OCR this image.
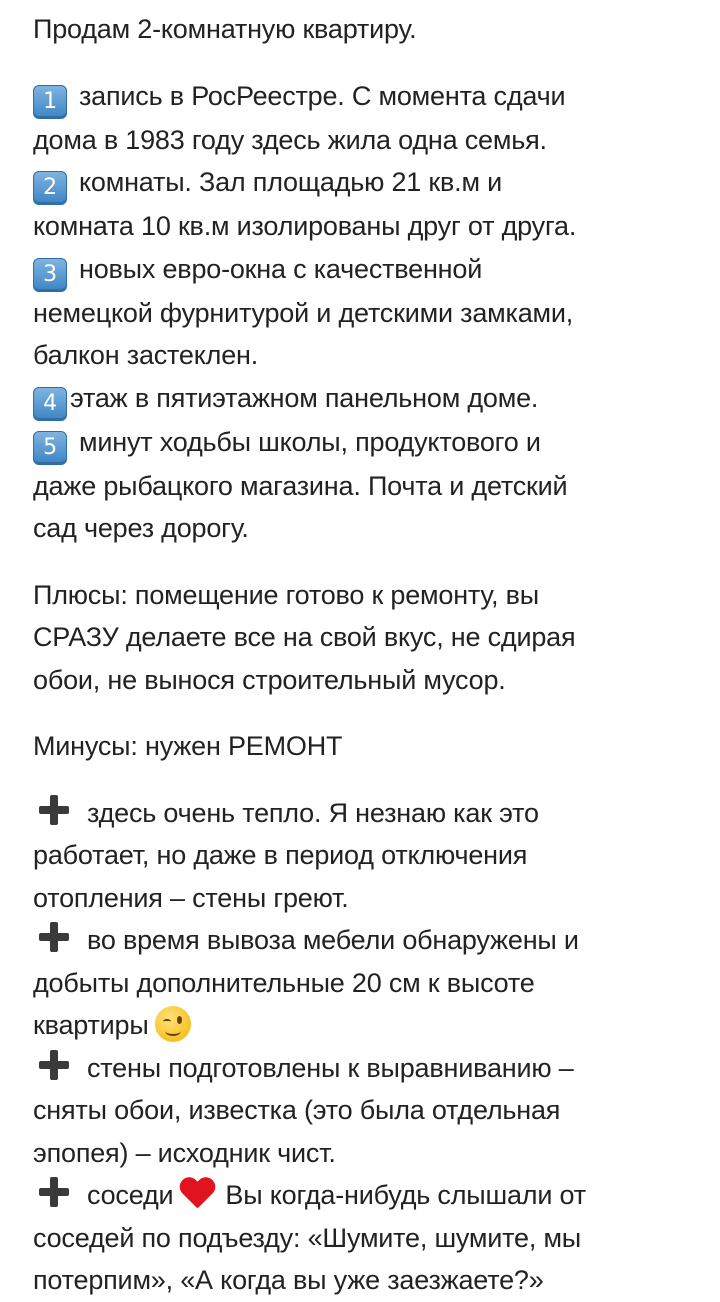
Продам 2-комнатную квартиру.
1 запись в РосРеестре. С момента сдачи
дома в 1983 году здесь жила одна семья.
2 комнаты. Зал площадью 21 кв.м и
комната 10 кв.м изолированы друг от друга.
3 новых евро-окна с качественной
немецкой фурнитурой и детскими замками,
балкон застеклен.
4 этаж в пятиэтажном панельном доме.
5 минут ходьбы школы, продуктового и
даже рыбацкого магазина. Почта и детский
сад через дорогу.
Плюсы: помещение готово к ремонту, вы
СРАЗУ делаете все на свой вкус, не сдирая
обои, не вынося строительный мусор.
Минусы: нужен РЕМОНТ
здесь очень тепло. Я незнаю как это
работает, но даже в период отключения
отопления – стены греют.
во время вывоза мебели обнаружены и
добыты дополнительные 20 см к высоте
квартиры
стены подготовлены к выравниванию –
сняты обои, известка (это была отдельная
эпопея) – исходник чист.
соседи Вы когда-нибудь слышали от
соседей по подъезду: «Шумите, шумите, мы
потерпим», «А когда вы уже заезжаете?»
